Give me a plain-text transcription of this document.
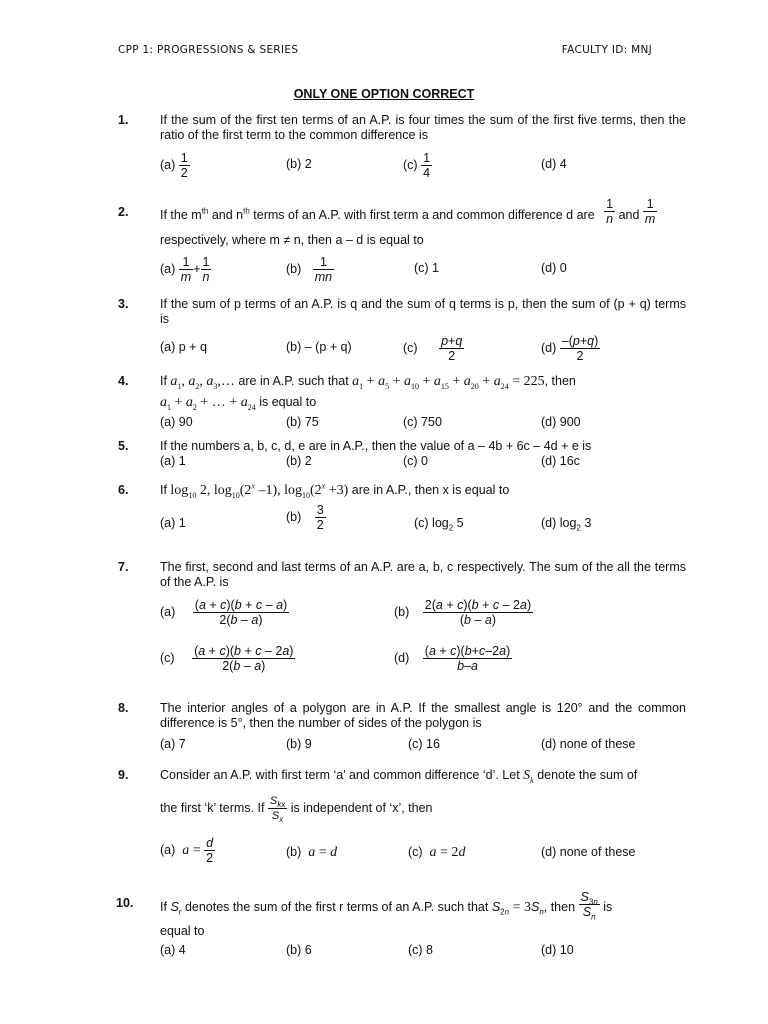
CPP 1: PROGRESSIONS & SERIES	FACULTY ID: MNJ
ONLY ONE OPTION CORRECT
1.	If the sum of the first ten terms of an A.P. is four times the sum of the first five terms, then the ratio of the first term to the common difference is
$(a) \frac{1}{2}$	(b) 2	$(c) \frac{1}{4}$	(d) 4
2.	If the $m^{th}$ and $n^{th}$ terms of an A.P. with first term a and common difference d are $\frac{1}{n}$ and $\frac{1}{m}$
respectively, where m ≠ n, then a – d is equal to
$(a) \frac{1}{m} + \frac{1}{n}$	$(b) \frac{1}{mn}$	(c) 1	(d) 0
3.	If the sum of p terms of an A.P. is q and the sum of q terms is p, then the sum of (p + q) terms is
(a) p + q	(b) – (p + q)	$(c) \frac{p+q}{2}$	$(d) \frac{-(p+q)}{2}$
4.	If $a_1$, $a_2$, $a_3,\dots$ are in A.P. such that $a_1 + a_5 + a_{10} + a_{15} + a_{20} + a_{24} = 225$, then
$a_1 + a_2$ + … + $a_{24}$ is equal to
(a) 90	(b) 75	(c) 750	(d) 900
5.	If the numbers a, b, c, d, e are in A.P., then the value of a – 4b + 6c – 4d + e is
(a) 1	(b) 2	(c) 0	(d) 16c
6.	If $\log_{10} 2$, $\log_{10}(2^x$ –1), $\log_{10}(2^x +3)$ are in A.P., then x is equal to
(a) 1	$(b) \frac{3}{2}$	(c) $\log_2 5$	(d) $\log_2 3$
7.	The first, second and last terms of an A.P. are a, b, c respectively. The sum of the all the terms of the A.P. is
$(a) \frac{(a + c)(b + c - a)}{2(b - a)}$	$(b) \frac{2(a + c)(b + c - 2a)}{(b - a)}$
$(c) \frac{(a + c)(b + c - 2a)}{2(b - a)}$	$(d) \frac{(a + c)(b+c-2a)}{b-a}$
8.	The interior angles of a polygon are in A.P. If the smallest angle is 120° and the common difference is 5°, then the number of sides of the polygon is
(a) 7	(b) 9	(c) 16	(d) none of these
9.	Consider an A.P. with first term ‘a’ and common difference ‘d’. Let $S_k$ denote the sum of
the first ‘k’ terms. If $S_{kx}$
$S_x$
is independent of ‘x’, then
(a) $a = \frac{d}{2}$	(b) a = d	(c) a = 2d	(d) none of these
10. If $S_r$ denotes the sum of the first r terms of an A.P. such that $S_{2n} = 3S_n$, then $\frac{S_{3n}}{S_n}$ is
equal to
(a) 4	(b) 6	(c) 8	(d) 10
